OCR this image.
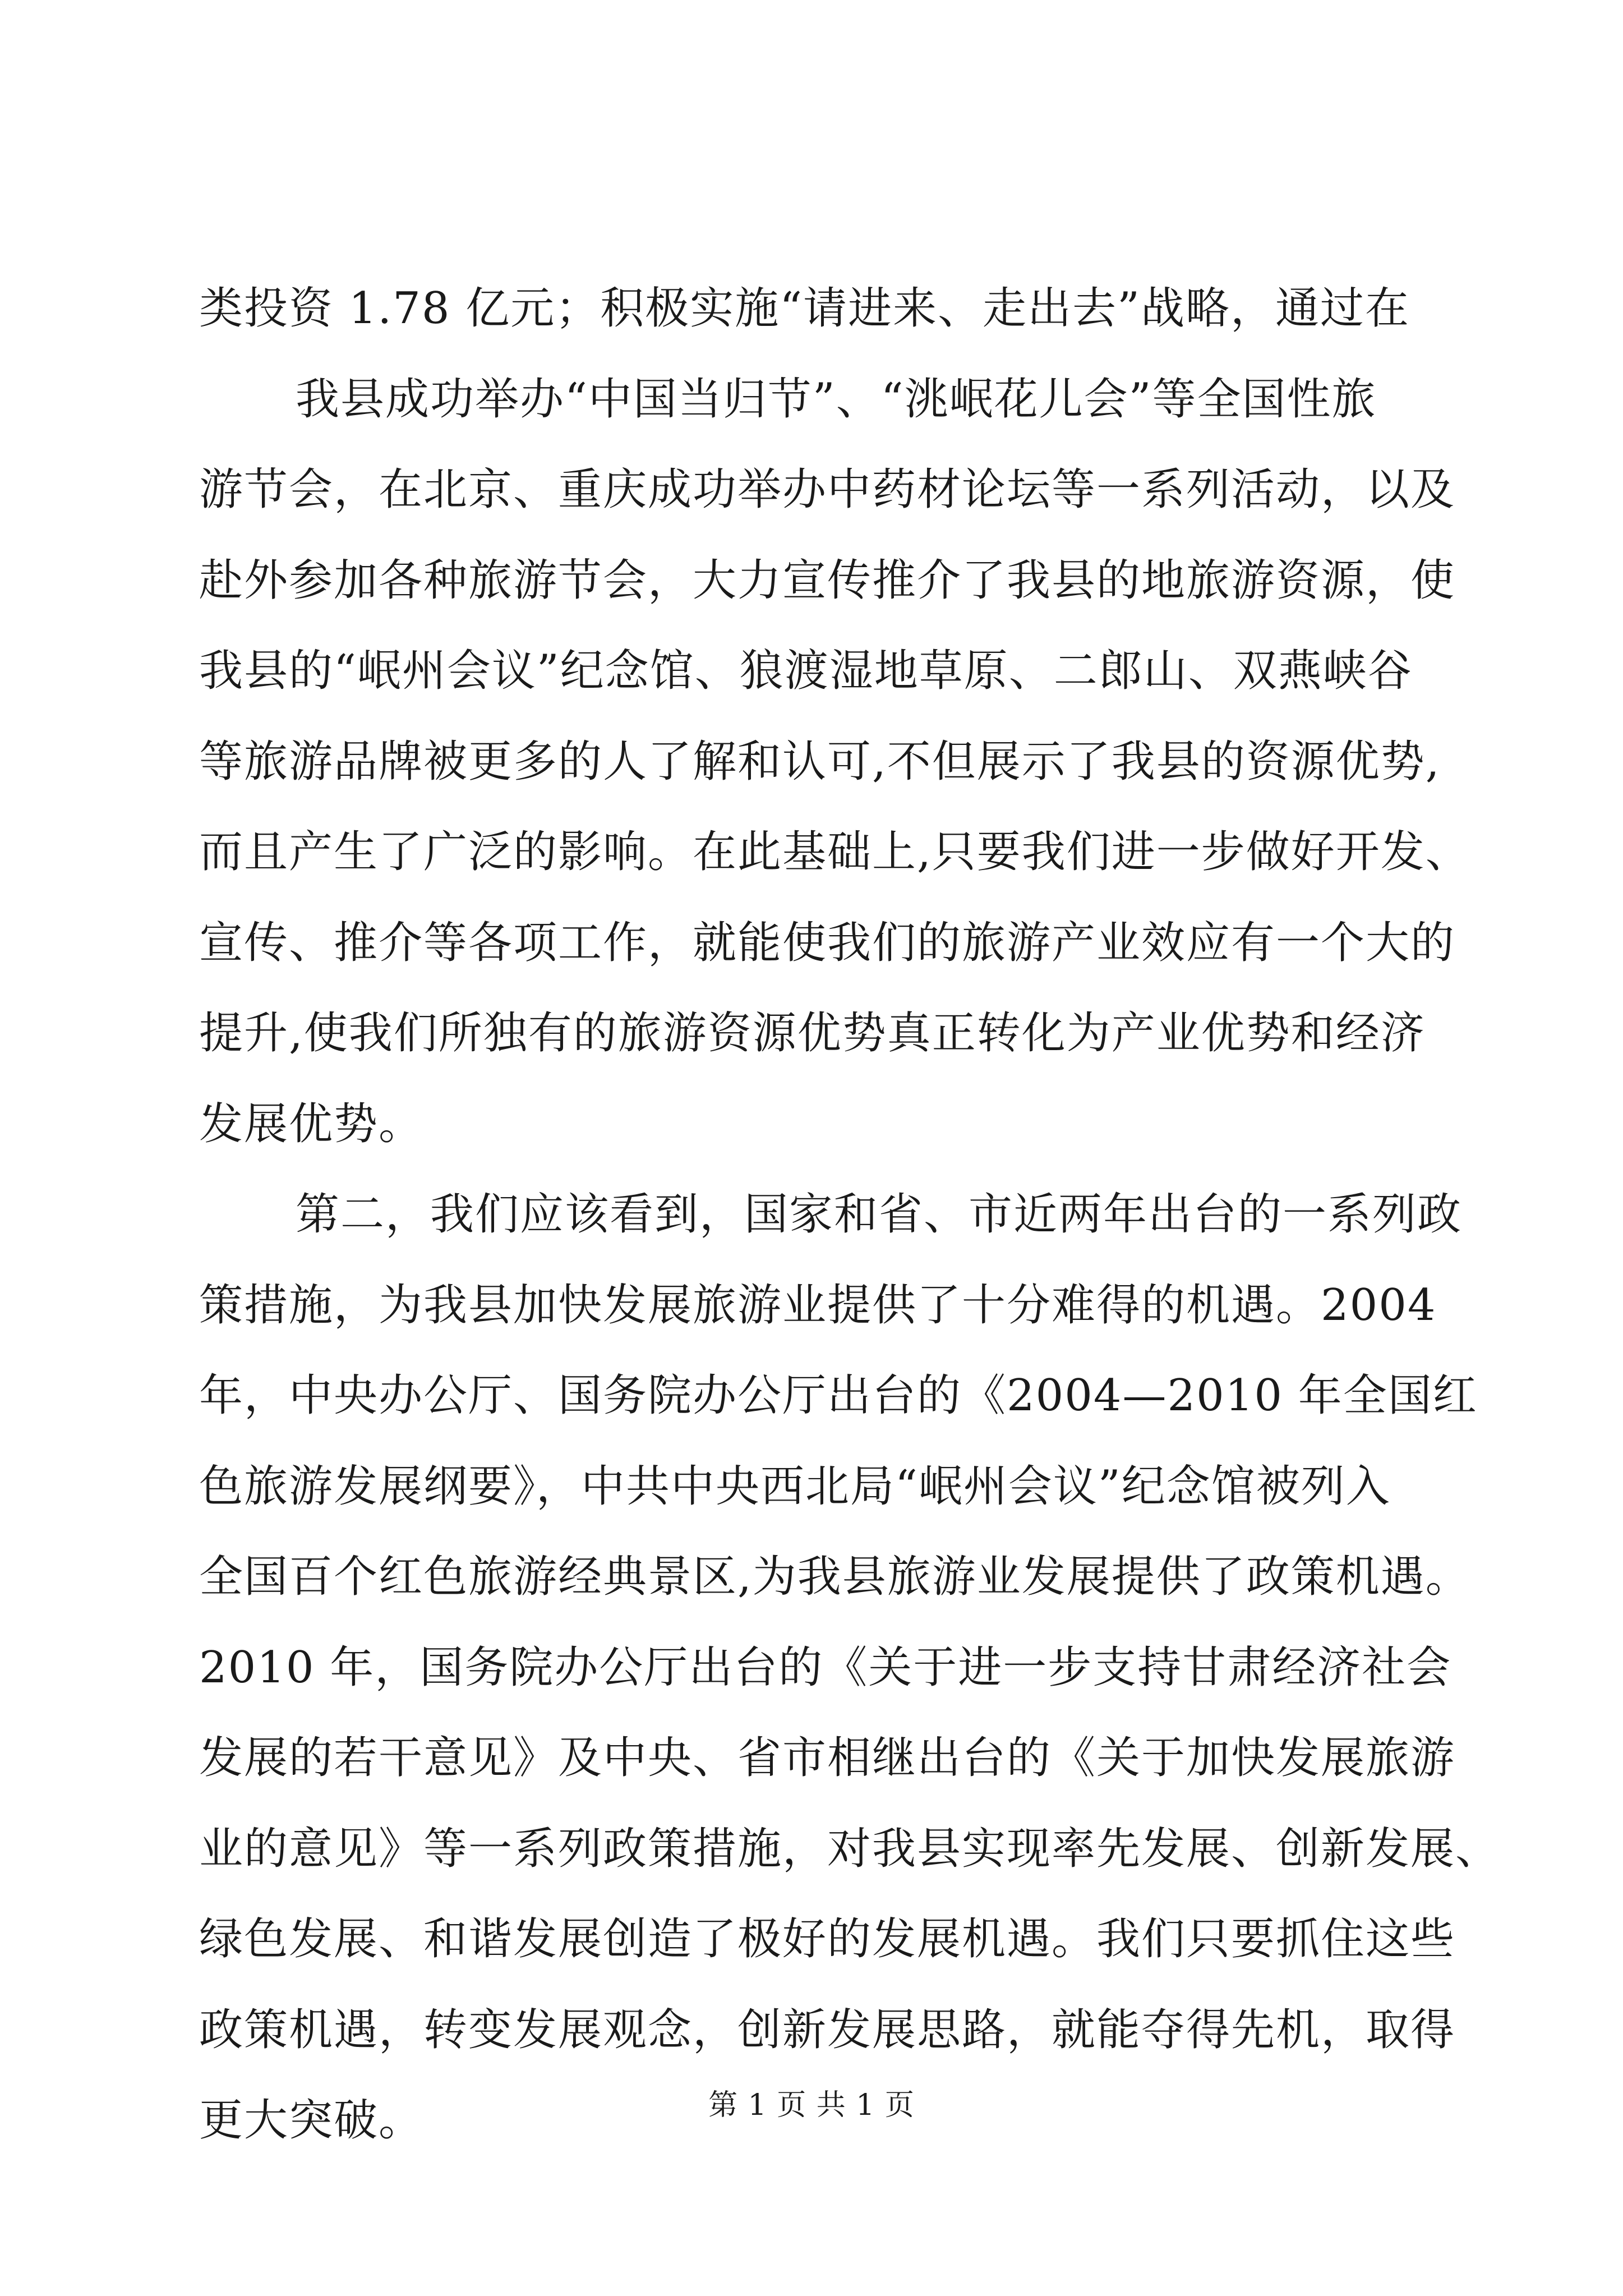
类投资 1.78 亿元；积极实施“请进来、走出去”战略，通过在
我县成功举办“中国当归节”、“洮岷花儿会”等全国性旅
游节会，在北京、重庆成功举办中药材论坛等一系列活动，以及
赴外参加各种旅游节会，大力宣传推介了我县的地旅游资源，使
我县的“岷州会议”纪念馆、狼渡湿地草原、二郎山、双燕峡谷
等旅游品牌被更多的人了解和认可,不但展示了我县的资源优势,
而且产生了广泛的影响。在此基础上,只要我们进一步做好开发、
宣传、推介等各项工作，就能使我们的旅游产业效应有一个大的
提升,使我们所独有的旅游资源优势真正转化为产业优势和经济
发展优势。
第二，我们应该看到，国家和省、市近两年出台的一系列政
策措施，为我县加快发展旅游业提供了十分难得的机遇。2004
年，中央办公厅、国务院办公厅出台的《2004—2010 年全国红
色旅游发展纲要》，中共中央西北局“岷州会议”纪念馆被列入
全国百个红色旅游经典景区,为我县旅游业发展提供了政策机遇。
2010 年，国务院办公厅出台的《关于进一步支持甘肃经济社会
发展的若干意见》及中央、省市相继出台的《关于加快发展旅游
业的意见》等一系列政策措施，对我县实现率先发展、创新发展、
绿色发展、和谐发展创造了极好的发展机遇。我们只要抓住这些
政策机遇，转变发展观念，创新发展思路，就能夺得先机，取得
更大突破。	第 1 页 共 1 页
